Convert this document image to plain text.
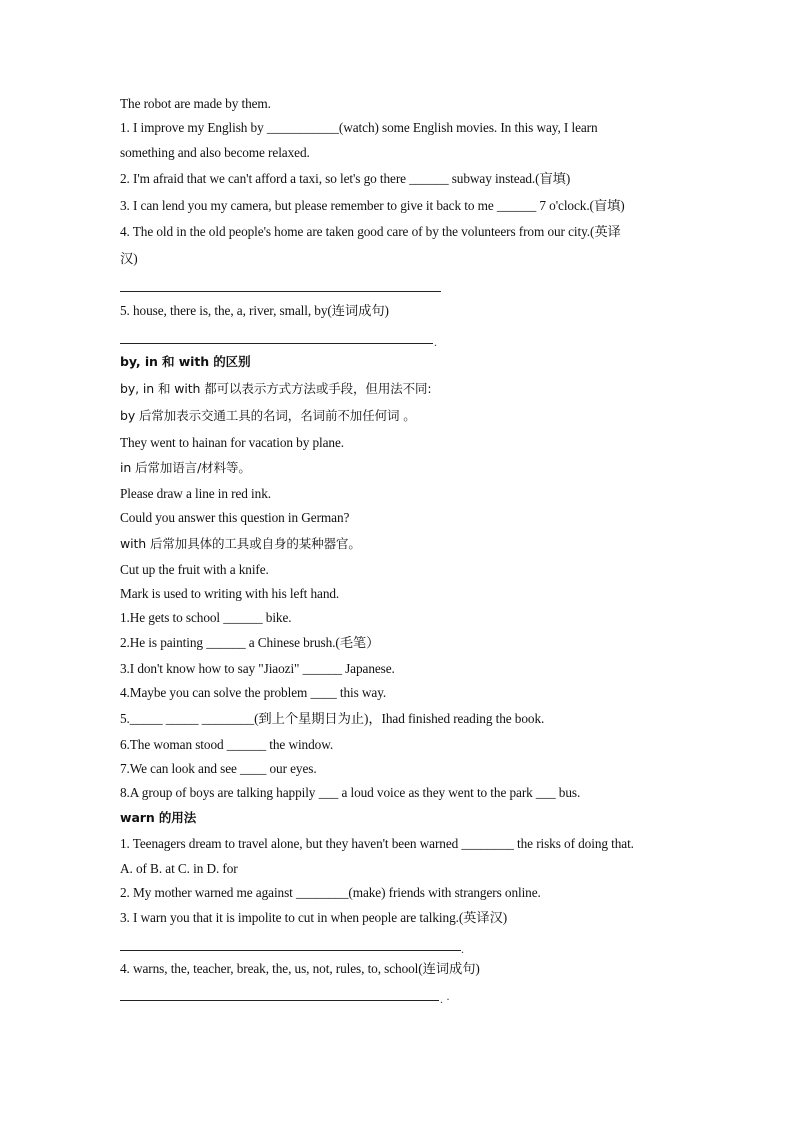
The robot are made by them.
1. I improve my English by ___________(watch) some English movies. In this way, I learn
something and also become relaxed.
2. I'm afraid that we can't afford a taxi, so let's go there ______ subway instead.(盲填)
3. I can lend you my camera, but please remember to give it back to me ______ 7 o'clock.(盲填)
4. The old in the old people's home are taken good care of by the volunteers from our city.(英译
汉)
5. house, there is, the, a, river, small, by(连词成句)
.
by, in 和 with 的区别
by, in 和 with 都可以表示方式方法或手段，但用法不同:
by 后常加表示交通工具的名词，名词前不加任何词 。
They went to hainan for vacation by plane.
in 后常加语言/材料等。
Please draw a line in red ink.
Could you answer this question in German?
with 后常加具体的工具或自身的某种器官。
Cut up the fruit with a knife.
Mark is used to writing with his left hand.
1.He gets to school ______ bike.
2.He is painting ______ a Chinese brush.(毛笔）
3.I don't know how to say "Jiaozi" ______ Japanese.
4.Maybe you can solve the problem ____ this way.
5._____ _____ ________(到上个星期日为止)，Ihad finished reading the book.
6.The woman stood ______ the window.
7.We can look and see ____ our eyes.
8.A group of boys are talking happily ___ a loud voice as they went to the park ___ bus.
warn 的用法
1. Teenagers dream to travel alone, but they haven't been warned ________ the risks of doing that.
A. of B. at C. in D. for
2. My mother warned me against ________(make) friends with strangers online.
3. I warn you that it is impolite to cut in when people are talking.(英译汉)
.
4. warns, the, teacher, break, the, us, not, rules, to, school(连词成句)
. ·
